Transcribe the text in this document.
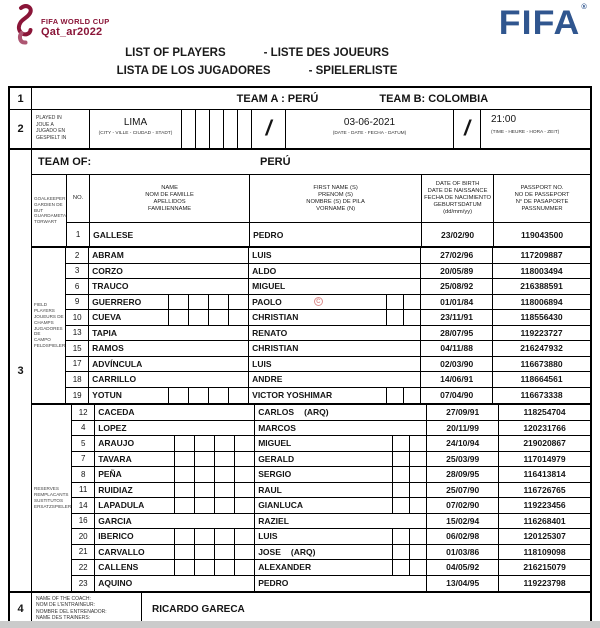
FIFA WORLD CUP
Qat_ar2022	FIFA®
LIST OF PLAYERS	- LISTE DES JOUEURS
LISTA DE LOS JUGADORES	- SPIELERLISTE
1	TEAM A : PERÚ	TEAM B: COLOMBIA
2
PLAYED IN
JOUE A
JUGADO EN
GESPIELT IN
LIMA
(CITY - VILLE - CIUDAD - STADT)	/	03-06-2021
(DATE - DATE - FECHA - DATUM)	/	21:00
(TIME - HEURE - HORA - ZEIT)
3
TEAM OF:	PERÚ
GOALKEEPER
GARDIEN DE BUT
GUARDAMETA
TORWART
NO.
NAME
NOM DE FAMILLE
APELLIDOS
FAMILIENNAME
FIRST NAME (S)
PRENOM (S)
NOMBRE (S) DE PILA
VORNAME (N)
DATE OF BIRTH
DATE DE NAISSANCE
FECHA DE NACIMIENTO
GEBURTSDATUM
(dd/mm/yy)
PASSPORT NO.
NO DE PASSEPORT
N° DE PASAPORTE
PASSNUMMER
1	GALLESE	PEDRO	23/02/90	119043500
FIELD PLAYERS
JOUEURS DE
CHAMPS
JUGADORES DE
CAMPO
FELDSPIELER
2	ABRAM	LUIS	27/02/96	117209887
3	CORZO	ALDO	20/05/89	118003494
6	TRAUCO	MIGUEL	25/08/92	216388591
9	GUERRERO	PAOLO	C	01/01/84	118006894
10	CUEVA	CHRISTIAN	23/11/91	118556430
13	TAPIA	RENATO	28/07/95	119223727
15	RAMOS	CHRISTIAN	04/11/88	216247932
17	ADVÍNCULA	LUIS	02/03/90	116673880
18	CARRILLO	ANDRE	14/06/91	118664561
19	YOTUN	VICTOR YOSHIMAR	07/04/90	116673338
RESERVES
REMPLACANTS
SUSTITUTOS
ERSATZSPIELER
12	CACEDA	CARLOS (ARQ)	27/09/91	118254704
4	LOPEZ	MARCOS	20/11/99	120231766
5	ARAUJO	MIGUEL	24/10/94	219020867
7	TAVARA	GERALD	25/03/99	117014979
8	PEÑA	SERGIO	28/09/95	116413814
11	RUIDIAZ	RAUL	25/07/90	116726765
14	LAPADULA	GIANLUCA	07/02/90	119223456
16	GARCIA	RAZIEL	15/02/94	116268401
20	IBERICO	LUIS	06/02/98	120125307
21	CARVALLO	JOSE (ARQ)	01/03/86	118109098
22	CALLENS	ALEXANDER	04/05/92	216215079
23	AQUINO	PEDRO	13/04/95	119223798
4
NAME OF THE COACH:
NOM DE L'ENTRAINEUR:
NOMBRE DEL ENTRENADOR:
NAME DES TRAINERS:
RICARDO GARECA
